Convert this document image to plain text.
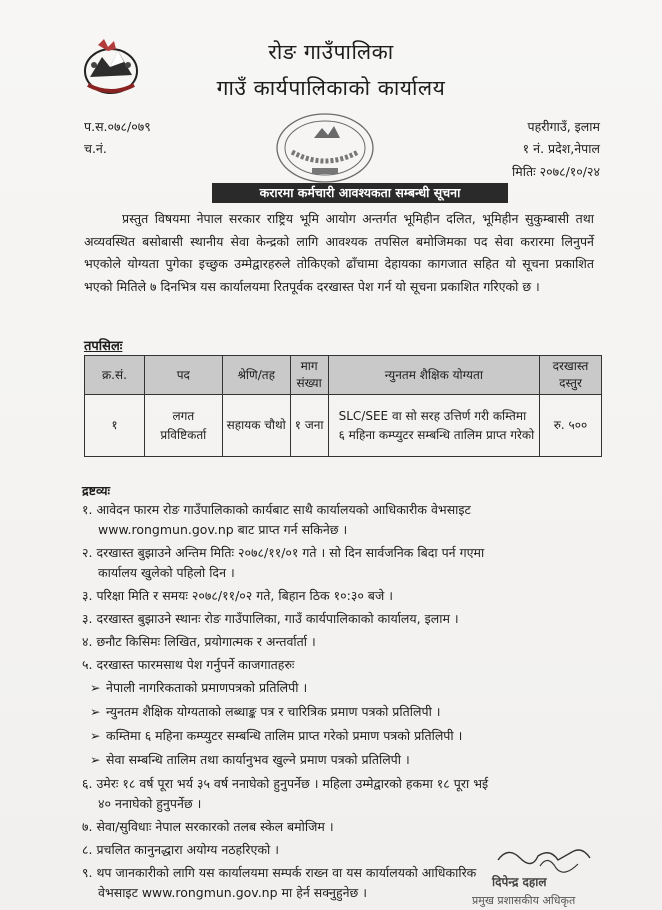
रोङ गाउँपालिका
गाउँ कार्यपालिकाको कार्यालय
प.स.०७८/०७९
च.नं.
पहरीगाउँ, इलाम
१ नं. प्रदेश,नेपाल
मितिः २०७८/१०/२४
करारमा कर्मचारी आवश्यकता सम्बन्धी सूचना

प्रस्तुत विषयमा नेपाल सरकार राष्ट्रिय भूमि आयोग अन्तर्गत भूमिहीन दलित, भूमिहीन सुकुम्बासी तथा अव्यवस्थित बसोबासी स्थानीय सेवा केन्द्रको लागि आवश्यक तपसिल बमोजिमका पद सेवा करारमा लिनुपर्ने भएकोले योग्यता पुगेका इच्छुक उम्मेद्वारहरुले तोकिएको ढाँचामा देहायका कागजात सहित यो सूचना प्रकाशित भएको मितिले ७ दिनभित्र यस कार्यालयमा रितपूर्वक दरखास्त पेश गर्न यो सूचना प्रकाशित गरिएको छ ।

तपसिलः
क्र.सं.	पद	श्रेणि/तह	माग संख्या	न्युनतम शैक्षिक योग्यता	दरखास्त दस्तुर
१	लगत प्रविष्टिकर्ता	सहायक चौथो	१ जना	SLC/SEE वा सो सरह उत्तिर्ण गरी कम्तिमा ६ महिना कम्प्युटर सम्बन्धि तालिम प्राप्त गरेको	रु. ५००
द्रष्टव्यः
१. आवेदन फारम रोङ गाउँपालिकाको कार्यबाट साथै कार्यालयको आधिकारीक वेभसाइट
www.rongmun.gov.np बाट प्राप्त गर्न सकिनेछ ।
२. दरखास्त बुझाउने अन्तिम मितिः २०७८/११/०१ गते । सो दिन सार्वजनिक बिदा पर्न गएमा
कार्यालय खुलेको पहिलो दिन ।
३. परिक्षा मिति र समयः २०७८/११/०२ गते, बिहान ठिक १०:३० बजे ।
३. दरखास्त बुझाउने स्थानः रोङ गाउँपालिका, गाउँ कार्यपालिकाको कार्यालय, इलाम ।
४. छनौट किसिमः लिखित, प्रयोगात्मक र अन्तर्वार्ता ।
५. दरखास्त फारमसाथ पेश गर्नुपर्ने काजगातहरुः
➢ नेपाली नागरिकताको प्रमाणपत्रको प्रतिलिपी ।
➢ न्युनतम शैक्षिक योग्यताको लब्धाङ्क पत्र र चारित्रिक प्रमाण पत्रको प्रतिलिपी ।
➢ कम्तिमा ६ महिना कम्प्युटर सम्बन्धि तालिम प्राप्त गरेको प्रमाण पत्रको प्रतिलिपी ।
➢ सेवा सम्बन्धि तालिम तथा कार्यानुभव खुल्ने प्रमाण पत्रको प्रतिलिपी ।
६. उमेरः १८ वर्ष पूरा भर्य ३५ वर्ष ननाघेको हुनुपर्नेछ । महिला उम्मेद्वारको हकमा १८ पूरा भई
४० ननाघेको हुनुपर्नेछ ।
७. सेवा/सुविधाः नेपाल सरकारको तलब स्केल बमोजिम ।
८. प्रचलित कानुनद्धारा अयोग्य नठहरिएको ।
९. थप जानकारीको लागि यस कार्यालयमा सम्पर्क राख्न वा यस कार्यालयको आधिकारिक
वेभसाइट www.rongmun.gov.np मा हेर्न सक्नुहुनेछ ।
दिपेन्द्र दहाल
प्रमुख प्रशासकीय अधिकृत
